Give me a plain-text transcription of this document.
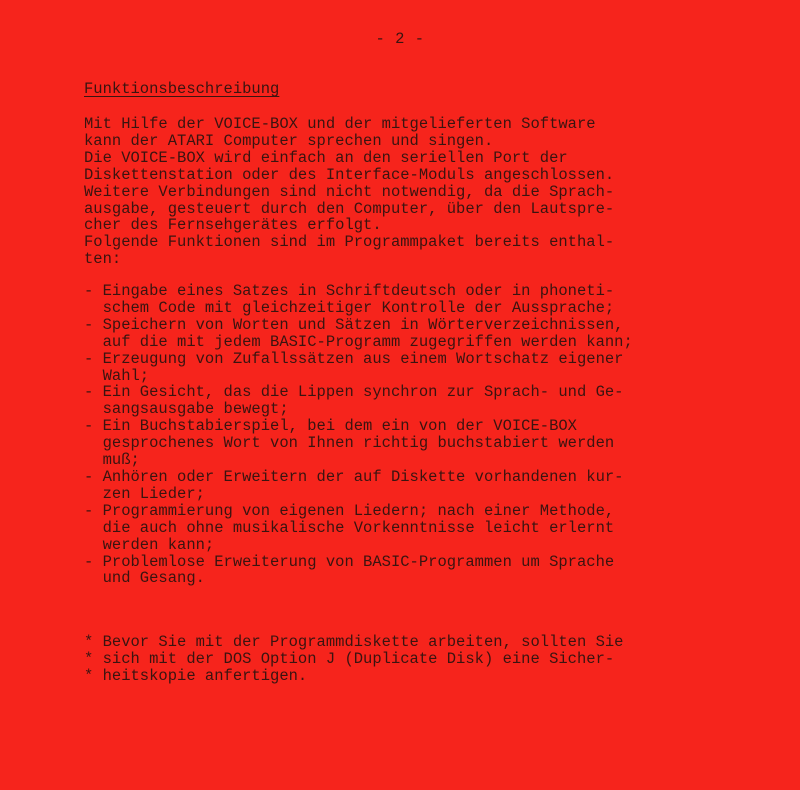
- 2 -
Funktionsbeschreibung
Mit Hilfe der VOICE-BOX und der mitgelieferten Software
kann der ATARI Computer sprechen und singen.
Die VOICE-BOX wird einfach an den seriellen Port der
Diskettenstation oder des Interface-Moduls angeschlossen.
Weitere Verbindungen sind nicht notwendig, da die Sprach-
ausgabe, gesteuert durch den Computer, über den Lautspre-
cher des Fernsehgerätes erfolgt.
Folgende Funktionen sind im Programmpaket bereits enthal-
ten:
- Eingabe eines Satzes in Schriftdeutsch oder in phoneti-
schem Code mit gleichzeitiger Kontrolle der Aussprache;
- Speichern von Worten und Sätzen in Wörterverzeichnissen,
auf die mit jedem BASIC-Programm zugegriffen werden kann;
- Erzeugung von Zufallssätzen aus einem Wortschatz eigener
Wahl;
- Ein Gesicht, das die Lippen synchron zur Sprach- und Ge-
sangsausgabe bewegt;
- Ein Buchstabierspiel, bei dem ein von der VOICE-BOX
gesprochenes Wort von Ihnen richtig buchstabiert werden
muß;
- Anhören oder Erweitern der auf Diskette vorhandenen kur-
zen Lieder;
- Programmierung von eigenen Liedern; nach einer Methode,
die auch ohne musikalische Vorkenntnisse leicht erlernt
werden kann;
- Problemlose Erweiterung von BASIC-Programmen um Sprache
und Gesang.
* Bevor Sie mit der Programmdiskette arbeiten, sollten Sie
* sich mit der DOS Option J (Duplicate Disk) eine Sicher-
* heitskopie anfertigen.
